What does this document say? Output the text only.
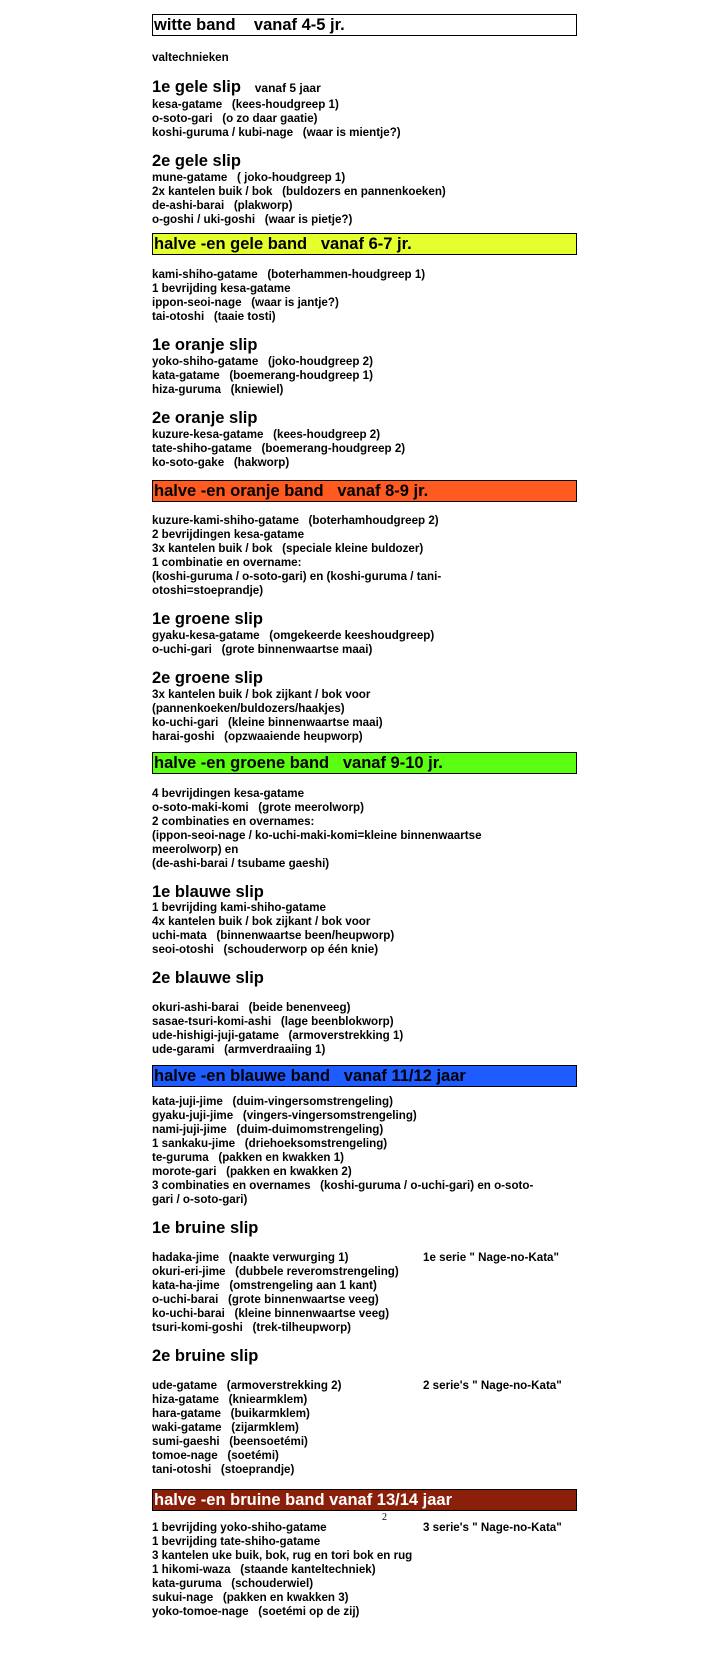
witte band    vanaf 4-5 jr.
valtechnieken
1e gele slip vanaf 5 jaar
kesa-gatame   (kees-houdgreep 1)
o-soto-gari   (o zo daar gaatie)
koshi-guruma / kubi-nage   (waar is mientje?)
2e gele slip
mune-gatame   ( joko-houdgreep 1)
2x kantelen buik / bok   (buldozers en pannenkoeken)
de-ashi-barai   (plakworp)
o-goshi / uki-goshi   (waar is pietje?)
halve -en gele band   vanaf 6-7 jr.
kami-shiho-gatame   (boterhammen-houdgreep 1)
1 bevrijding kesa-gatame
ippon-seoi-nage   (waar is jantje?)
tai-otoshi   (taaie tosti)
1e oranje slip
yoko-shiho-gatame   (joko-houdgreep 2)
kata-gatame   (boemerang-houdgreep 1)
hiza-guruma   (kniewiel)
2e oranje slip
kuzure-kesa-gatame   (kees-houdgreep 2)
tate-shiho-gatame   (boemerang-houdgreep 2)
ko-soto-gake   (hakworp)
halve -en oranje band   vanaf 8-9 jr.
kuzure-kami-shiho-gatame   (boterhamhoudgreep 2)
2 bevrijdingen kesa-gatame
3x kantelen buik / bok   (speciale kleine buldozer)
1 combinatie en overname:
(koshi-guruma / o-soto-gari) en (koshi-guruma / tani-
otoshi=stoeprandje)
1e groene slip
gyaku-kesa-gatame   (omgekeerde keeshoudgreep)
o-uchi-gari   (grote binnenwaartse maai)
2e groene slip
3x kantelen buik / bok zijkant / bok voor
(pannenkoeken/buldozers/haakjes)
ko-uchi-gari   (kleine binnenwaartse maai)
harai-goshi   (opzwaaiende heupworp)
halve -en groene band   vanaf 9-10 jr.
4 bevrijdingen kesa-gatame
o-soto-maki-komi   (grote meerolworp)
2 combinaties en overnames:
(ippon-seoi-nage / ko-uchi-maki-komi=kleine binnenwaartse
meerolworp) en
(de-ashi-barai / tsubame gaeshi)
1e blauwe slip
1 bevrijding kami-shiho-gatame
4x kantelen buik / bok zijkant / bok voor
uchi-mata   (binnenwaartse been/heupworp)
seoi-otoshi   (schouderworp op één knie)
2e blauwe slip
okuri-ashi-barai   (beide benenveeg)
sasae-tsuri-komi-ashi   (lage beenblokworp)
ude-hishigi-juji-gatame   (armoverstrekking 1)
ude-garami   (armverdraaiing 1)
halve -en blauwe band   vanaf 11/12 jaar
kata-juji-jime   (duim-vingersomstrengeling)
gyaku-juji-jime   (vingers-vingersomstrengeling)
nami-juji-jime   (duim-duimomstrengeling)
1 sankaku-jime   (driehoeksomstrengeling)
te-guruma   (pakken en kwakken 1)
morote-gari   (pakken en kwakken 2)
3 combinaties en overnames   (koshi-guruma / o-uchi-gari) en o-soto-
gari / o-soto-gari)
1e bruine slip
hadaka-jime   (naakte verwurging 1)	1e serie " Nage-no-Kata"
okuri-eri-jime   (dubbele reveromstrengeling)
kata-ha-jime   (omstrengeling aan 1 kant)
o-uchi-barai   (grote binnenwaartse veeg)
ko-uchi-barai   (kleine binnenwaartse veeg)
tsuri-komi-goshi   (trek-tilheupworp)
2e bruine slip
ude-gatame   (armoverstrekking 2)	2 serie's " Nage-no-Kata"
hiza-gatame   (kniearmklem)
hara-gatame   (buikarmklem)
waki-gatame   (zijarmklem)
sumi-gaeshi   (beensoetémi)
tomoe-nage   (soetémi)
tani-otoshi   (stoeprandje)
halve -en bruine band vanaf 13/14 jaar
1 bevrijding yoko-shiho-gatame	3 serie's " Nage-no-Kata"
1 bevrijding tate-shiho-gatame
3 kantelen uke buik, bok, rug en tori bok en rug
1 hikomi-waza   (staande kanteltechniek)
kata-guruma   (schouderwiel)
sukui-nage   (pakken en kwakken 3)
yoko-tomoe-nage   (soetémi op de zij)
2
